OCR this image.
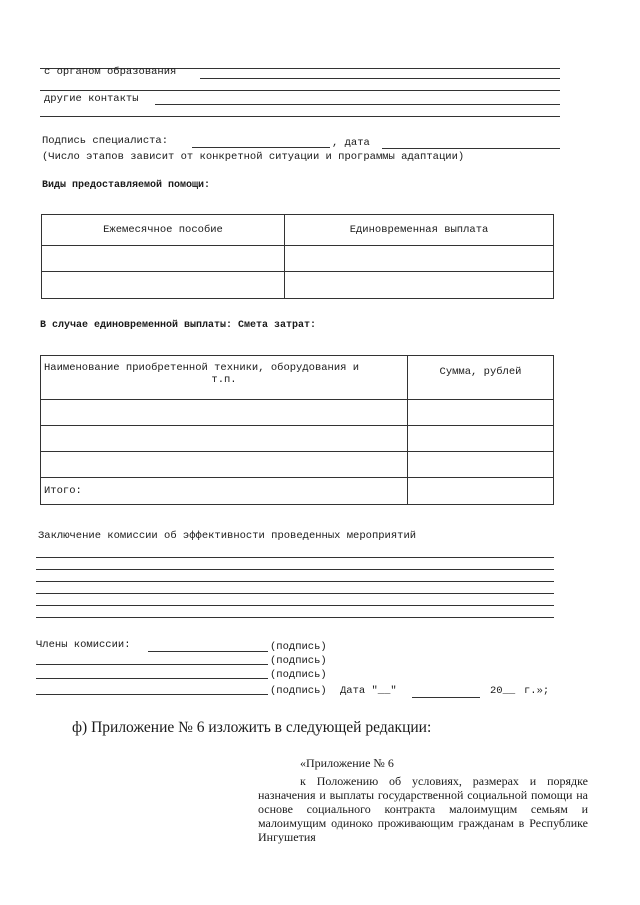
с органом образования
другие контакты
Подпись специалиста:	, дата
(Число этапов зависит от конкретной ситуации и программы адаптации)
Виды предоставляемой помощи:
Ежемесячное пособие	Единовременная выплата

В случае единовременной выплаты: Смета затрат:
Наименование приобретенной техники, оборудования и
т.п.	Сумма, рублей

Итого:	
Заключение комиссии об эффективности проведенных мероприятий
Члены комиссии:	(подпись)
(подпись)
(подпись)
(подпись) Дата "__"	20__ г.»;
ф) Приложение № 6 изложить в следующей редакции:
«Приложение № 6
к Положению об условиях, размерах и порядке назначения и выплаты государственной социальной помощи на основе социального контракта малоимущим семьям и малоимущим одиноко проживающим гражданам в Республике Ингушетия
